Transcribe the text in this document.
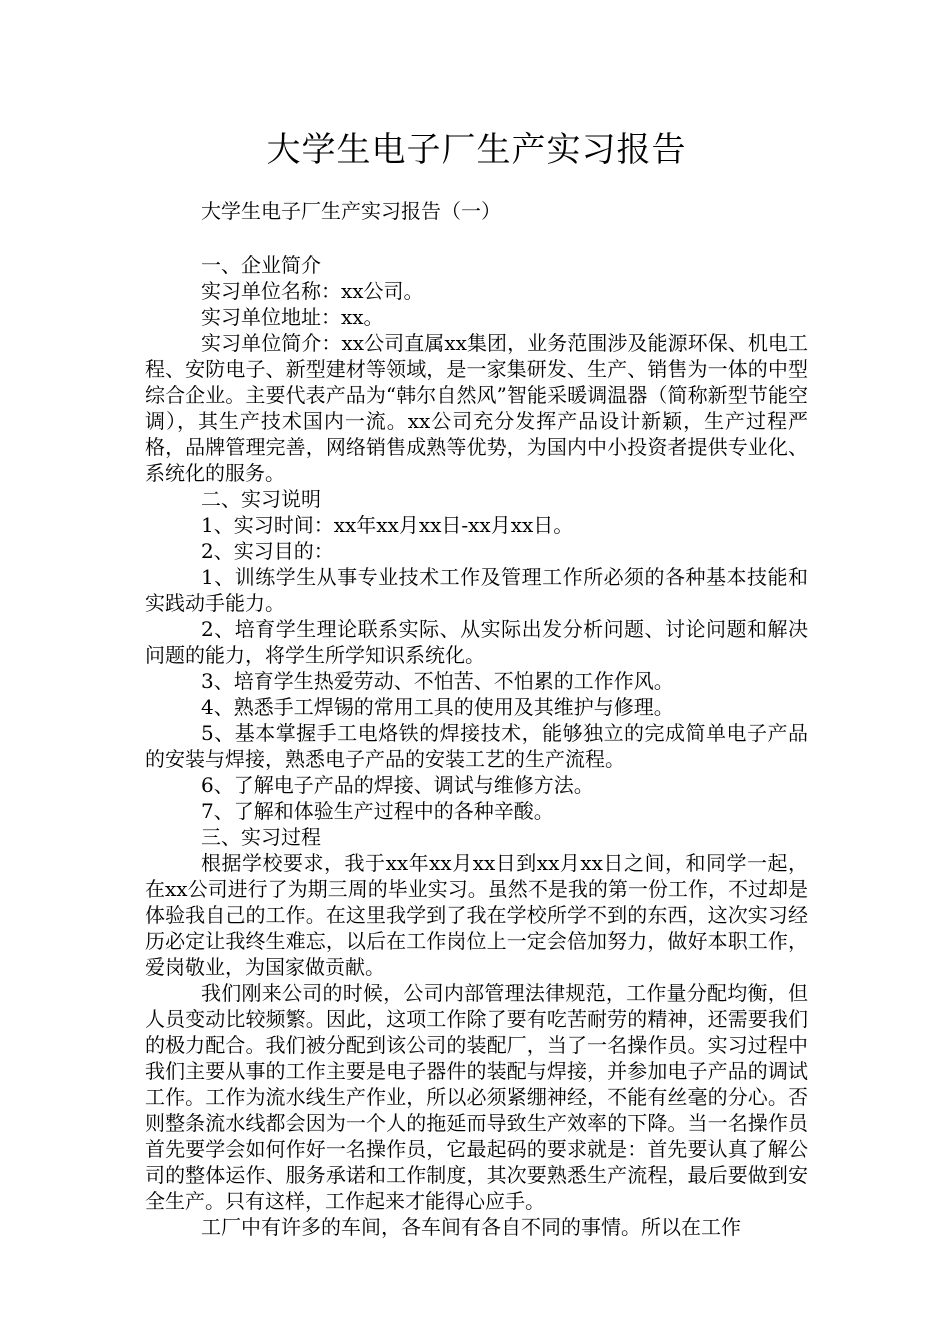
大学生电子厂生产实习报告

大学生电子厂生产实习报告（一）

一、企业简介

实习单位名称：xx公司。

实习单位地址：xx。

实习单位简介：xx公司直属xx集团，业务范围涉及能源环保、机电工程、安防电子、新型建材等领域，是一家集研发、生产、销售为一体的中型综合企业。主要代表产品为“韩尔自然风”智能采暖调温器（简称新型节能空调），其生产技术国内一流。xx公司充分发挥产品设计新颖，生产过程严格，品牌管理完善，网络销售成熟等优势，为国内中小投资者提供专业化、系统化的服务。

二、实习说明

1、实习时间：xx年xx月xx日-xx月xx日。

2、实习目的：

1、训练学生从事专业技术工作及管理工作所必须的各种基本技能和实践动手能力。

2、培育学生理论联系实际、从实际出发分析问题、讨论问题和解决问题的能力，将学生所学知识系统化。

3、培育学生热爱劳动、不怕苦、不怕累的工作作风。

4、熟悉手工焊锡的常用工具的使用及其维护与修理。

5、基本掌握手工电烙铁的焊接技术，能够独立的完成简单电子产品的安装与焊接，熟悉电子产品的安装工艺的生产流程。

6、了解电子产品的焊接、调试与维修方法。

7、了解和体验生产过程中的各种辛酸。

三、实习过程

根据学校要求，我于xx年xx月xx日到xx月xx日之间，和同学一起，在xx公司进行了为期三周的毕业实习。虽然不是我的第一份工作，不过却是体验我自己的工作。在这里我学到了我在学校所学不到的东西，这次实习经历必定让我终生难忘，以后在工作岗位上一定会倍加努力，做好本职工作，爱岗敬业，为国家做贡献。

我们刚来公司的时候，公司内部管理法律规范，工作量分配均衡，但人员变动比较频繁。因此，这项工作除了要有吃苦耐劳的精神，还需要我们的极力配合。我们被分配到该公司的装配厂，当了一名操作员。实习过程中我们主要从事的工作主要是电子器件的装配与焊接，并参加电子产品的调试工作。工作为流水线生产作业，所以必须紧绷神经，不能有丝毫的分心。否则整条流水线都会因为一个人的拖延而导致生产效率的下降。当一名操作员首先要学会如何作好一名操作员，它最起码的要求就是：首先要认真了解公司的整体运作、服务承诺和工作制度，其次要熟悉生产流程，最后要做到安全生产。只有这样，工作起来才能得心应手。

工厂中有许多的车间，各车间有各自不同的事情。所以在工作
